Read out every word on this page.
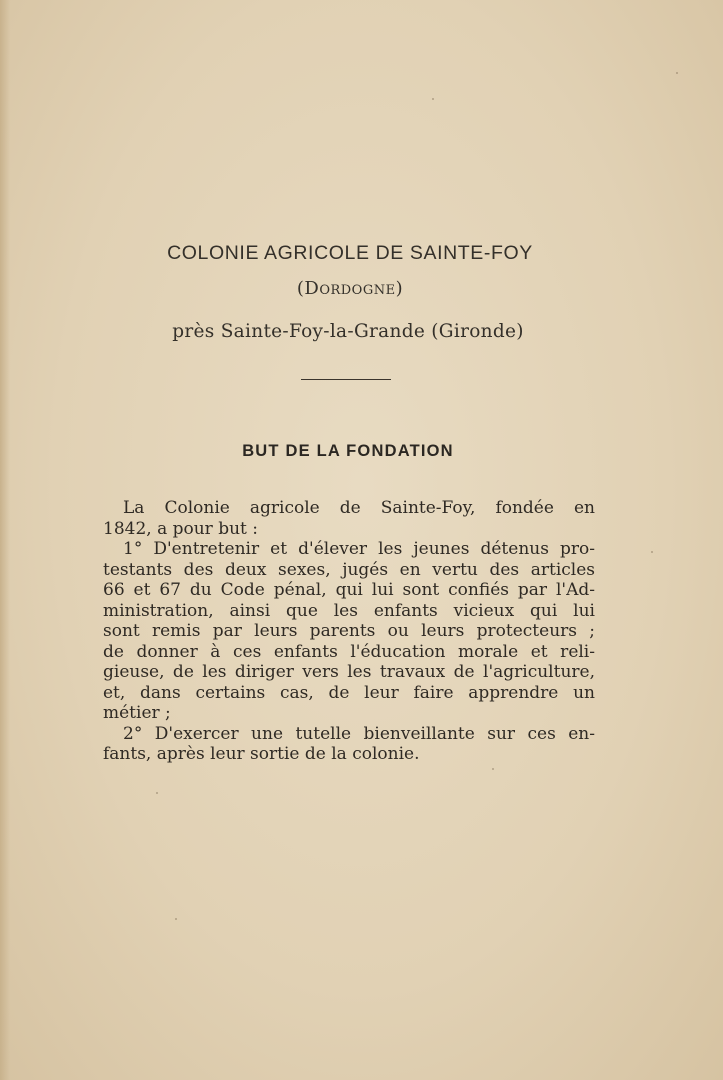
COLONIE AGRICOLE DE SAINTE-FOY
(Dordogne)
près Sainte-Foy-la-Grande (Gironde)
BUT DE LA FONDATION
La Colonie agricole de Sainte-Foy, fondée en
1842, a pour but :
1° D'entretenir et d'élever les jeunes détenus pro-
testants des deux sexes, jugés en vertu des articles
66 et 67 du Code pénal, qui lui sont confiés par l'Ad-
ministration, ainsi que les enfants vicieux qui lui
sont remis par leurs parents ou leurs protecteurs ;
de donner à ces enfants l'éducation morale et reli-
gieuse, de les diriger vers les travaux de l'agriculture,
et, dans certains cas, de leur faire apprendre un
métier ;
2° D'exercer une tutelle bienveillante sur ces en-
fants, après leur sortie de la colonie.
